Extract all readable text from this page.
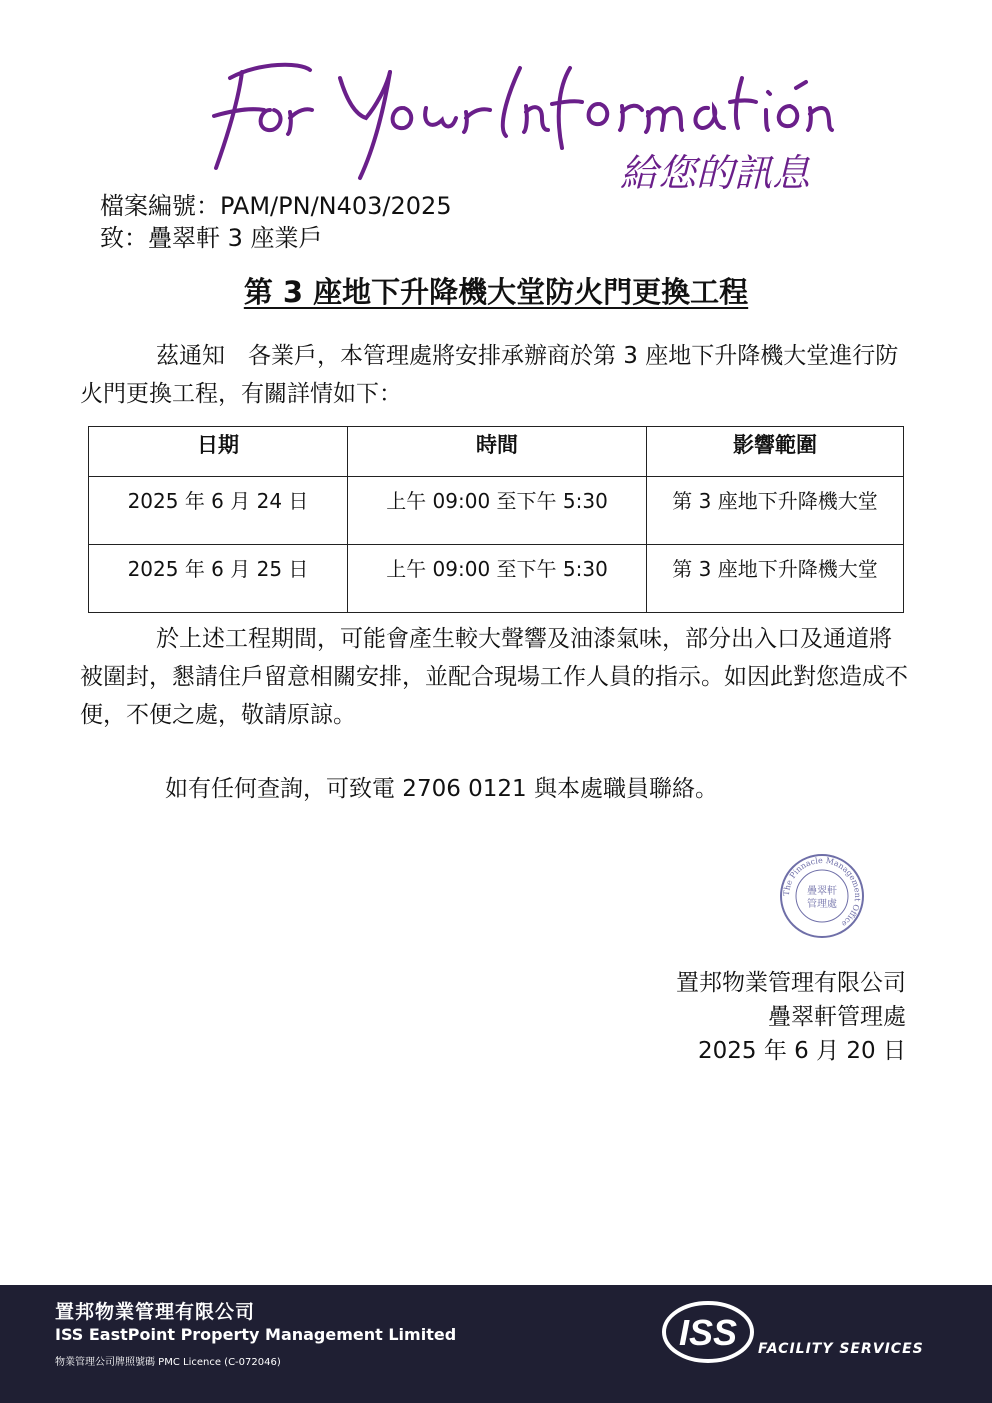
給您的訊息
檔案編號：PAM/PN/N403/2025
致：疊翠軒 3 座業戶
第 3 座地下升降機大堂防火門更換工程
茲通知　各業戶，本管理處將安排承辦商於第 3 座地下升降機大堂進行防火門更換工程，有關詳情如下：
日期	時間	影響範圍
2025 年 6 月 24 日	上午 09:00 至下午 5:30	第 3 座地下升降機大堂
2025 年 6 月 25 日	上午 09:00 至下午 5:30	第 3 座地下升降機大堂
於上述工程期間，可能會產生較大聲響及油漆氣味，部分出入口及通道將被圍封，懇請住戶留意相關安排，並配合現場工作人員的指示。如因此對您造成不便，不便之處，敬請原諒。
如有任何查詢，可致電 2706 0121 與本處職員聯絡。
The Pinnacle Management Office
疊翠軒
管理處
置邦物業管理有限公司
疊翠軒管理處
2025 年 6 月 20 日
置邦物業管理有限公司
ISS EastPoint Property Management Limited
物業管理公司牌照號碼 PMC Licence (C-072046)
ISS FACILITY SERVICES
